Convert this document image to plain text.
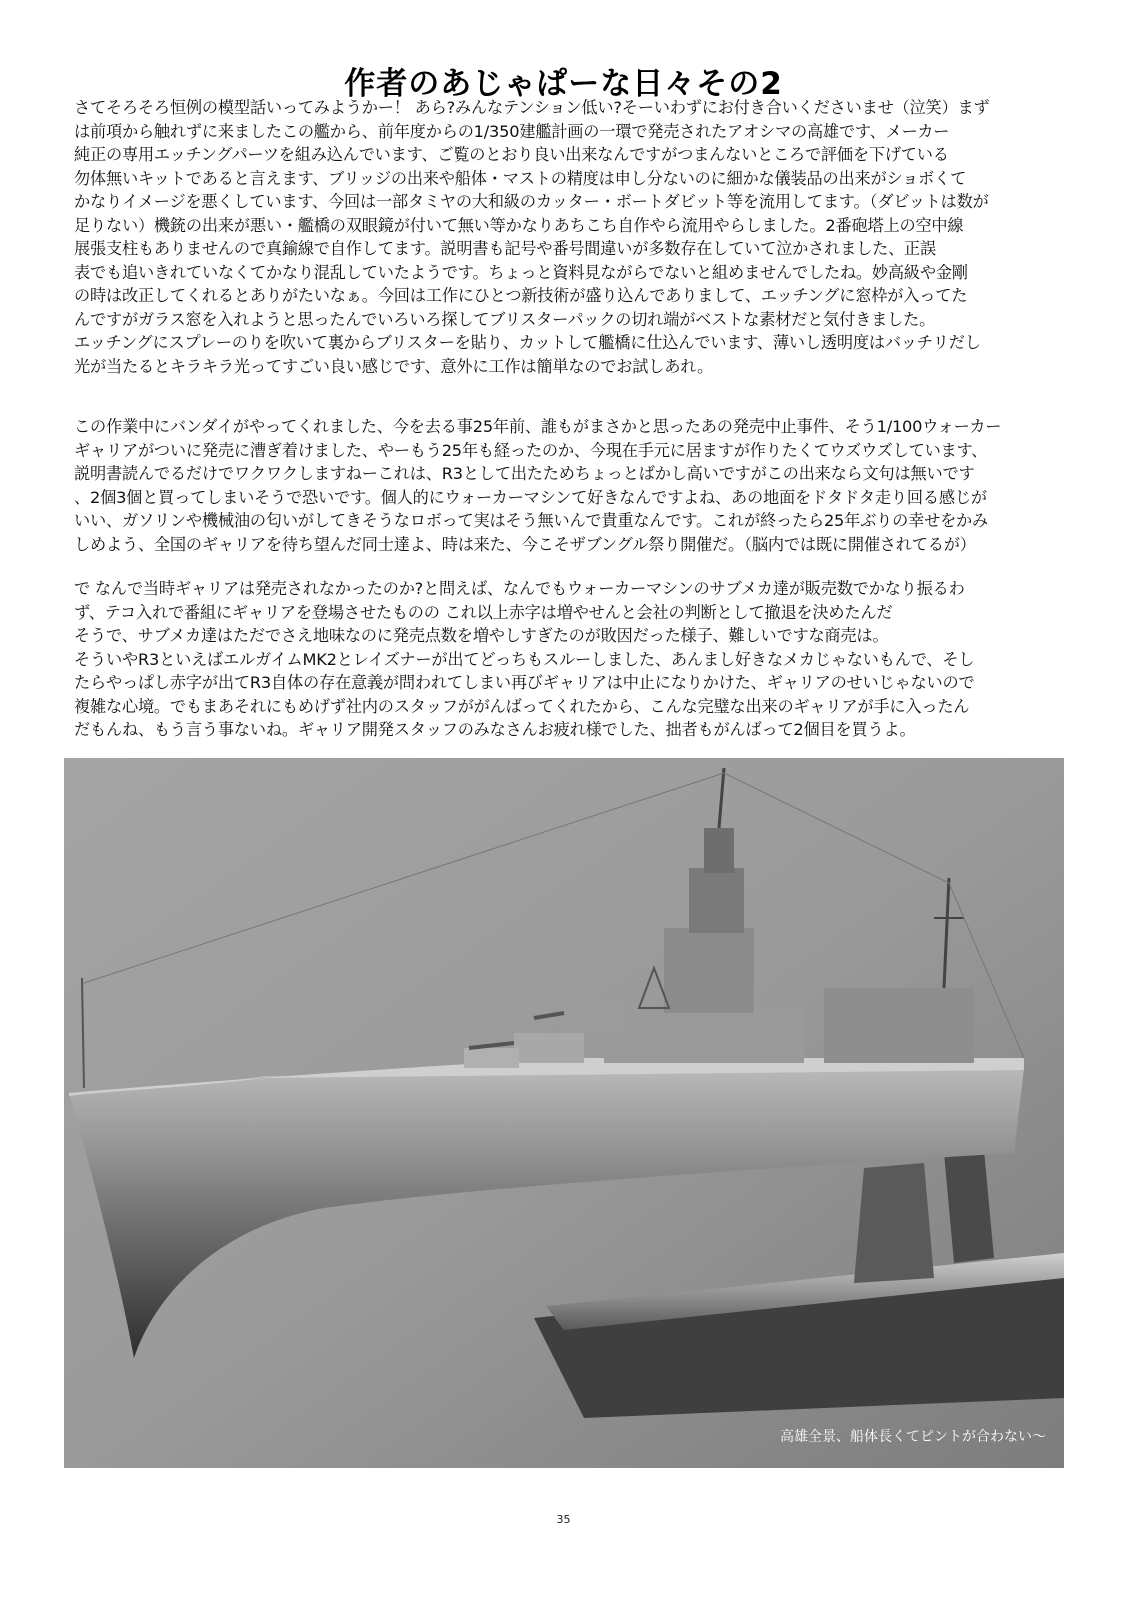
作者のあじゃぱーな日々その2
さてそろそろ恒例の模型話いってみようかー！ あら?みんなテンション低い?そーいわずにお付き合いくださいませ（泣笑）まず
は前項から触れずに来ましたこの艦から、前年度からの1/350建艦計画の一環で発売されたアオシマの高雄です、メーカー
純正の専用エッチングパーツを組み込んでいます、ご覧のとおり良い出来なんですがつまんないところで評価を下げている
勿体無いキットであると言えます、ブリッジの出来や船体・マストの精度は申し分ないのに細かな儀装品の出来がショボくて
かなりイメージを悪くしています、今回は一部タミヤの大和級のカッター・ボートダビット等を流用してます。（ダビットは数が
足りない）機銃の出来が悪い・艦橋の双眼鏡が付いて無い等かなりあちこち自作やら流用やらしました。2番砲塔上の空中線
展張支柱もありませんので真鍮線で自作してます。説明書も記号や番号間違いが多数存在していて泣かされました、正誤
表でも追いきれていなくてかなり混乱していたようです。ちょっと資料見ながらでないと組めませんでしたね。妙高級や金剛
の時は改正してくれるとありがたいなぁ。今回は工作にひとつ新技術が盛り込んでありまして、エッチングに窓枠が入ってた
んですがガラス窓を入れようと思ったんでいろいろ探してブリスターパックの切れ端がベストな素材だと気付きました。
エッチングにスプレーのりを吹いて裏からブリスターを貼り、カットして艦橋に仕込んでいます、薄いし透明度はバッチリだし
光が当たるとキラキラ光ってすごい良い感じです、意外に工作は簡単なのでお試しあれ。
この作業中にバンダイがやってくれました、今を去る事25年前、誰もがまさかと思ったあの発売中止事件、そう1/100ウォーカー
ギャリアがついに発売に漕ぎ着けました、やーもう25年も経ったのか、今現在手元に居ますが作りたくてウズウズしています、
説明書読んでるだけでワクワクしますねーこれは、R3として出たためちょっとばかし高いですがこの出来なら文句は無いです
、2個3個と買ってしまいそうで恐いです。個人的にウォーカーマシンて好きなんですよね、あの地面をドタドタ走り回る感じが
いい、ガソリンや機械油の匂いがしてきそうなロボって実はそう無いんで貴重なんです。これが終ったら25年ぶりの幸せをかみ
しめよう、全国のギャリアを待ち望んだ同士達よ、時は来た、今こそザブングル祭り開催だ。（脳内では既に開催されてるが）
で なんで当時ギャリアは発売されなかったのか?と問えば、なんでもウォーカーマシンのサブメカ達が販売数でかなり振るわ
ず、テコ入れで番組にギャリアを登場させたものの これ以上赤字は増やせんと会社の判断として撤退を決めたんだ
そうで、サブメカ達はただでさえ地味なのに発売点数を増やしすぎたのが敗因だった様子、難しいですな商売は。
そういやR3といえばエルガイムMK2とレイズナーが出てどっちもスルーしました、あんまし好きなメカじゃないもんで、そし
たらやっぱし赤字が出てR3自体の存在意義が問われてしまい再びギャリアは中止になりかけた、ギャリアのせいじゃないので
複雑な心境。でもまあそれにもめげず社内のスタッフががんばってくれたから、こんな完璧な出来のギャリアが手に入ったん
だもんね、もう言う事ないね。ギャリア開発スタッフのみなさんお疲れ様でした、拙者もがんばって2個目を買うよ。
高雄全景、船体長くてピントが合わない～
35
